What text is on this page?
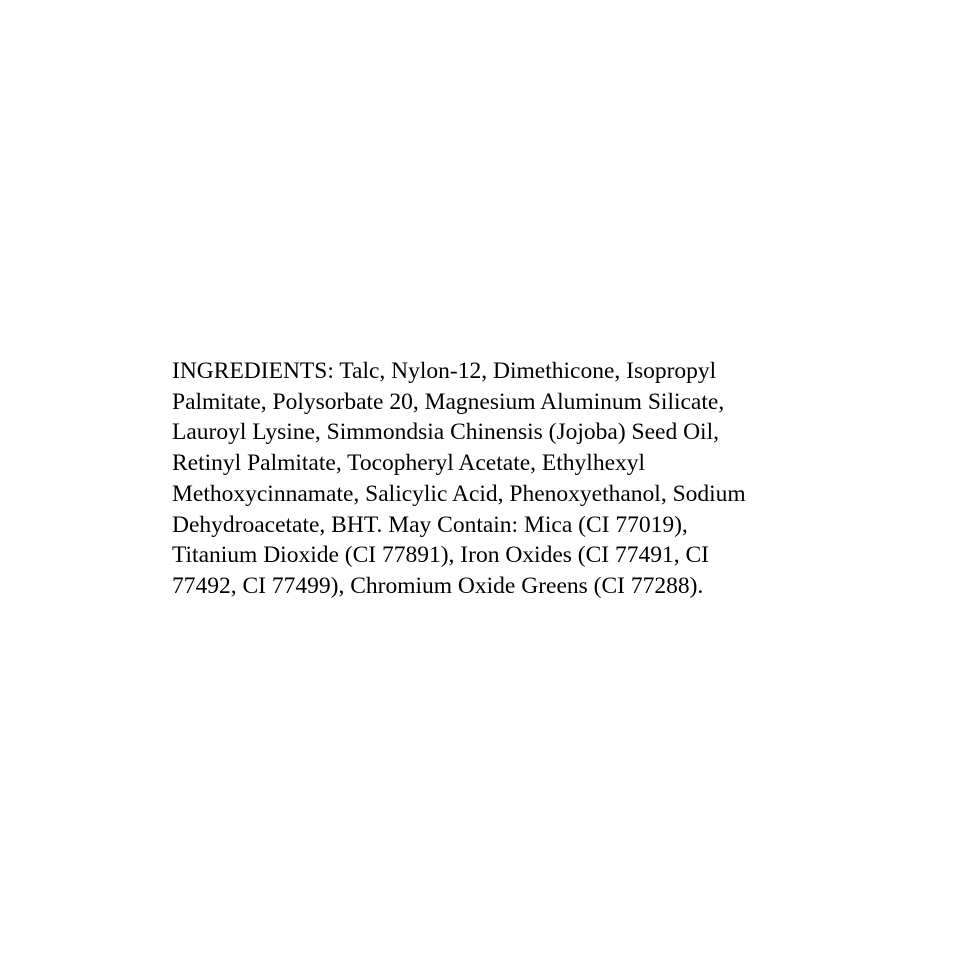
INGREDIENTS: Talc, Nylon-12, Dimethicone, Isopropyl
Palmitate, Polysorbate 20, Magnesium Aluminum Silicate,
Lauroyl Lysine, Simmondsia Chinensis (Jojoba) Seed Oil,
Retinyl Palmitate, Tocopheryl Acetate, Ethylhexyl
Methoxycinnamate, Salicylic Acid, Phenoxyethanol, Sodium
Dehydroacetate, BHT. May Contain: Mica (CI 77019),
Titanium Dioxide (CI 77891), Iron Oxides (CI 77491, CI
77492, CI 77499), Chromium Oxide Greens (CI 77288).
